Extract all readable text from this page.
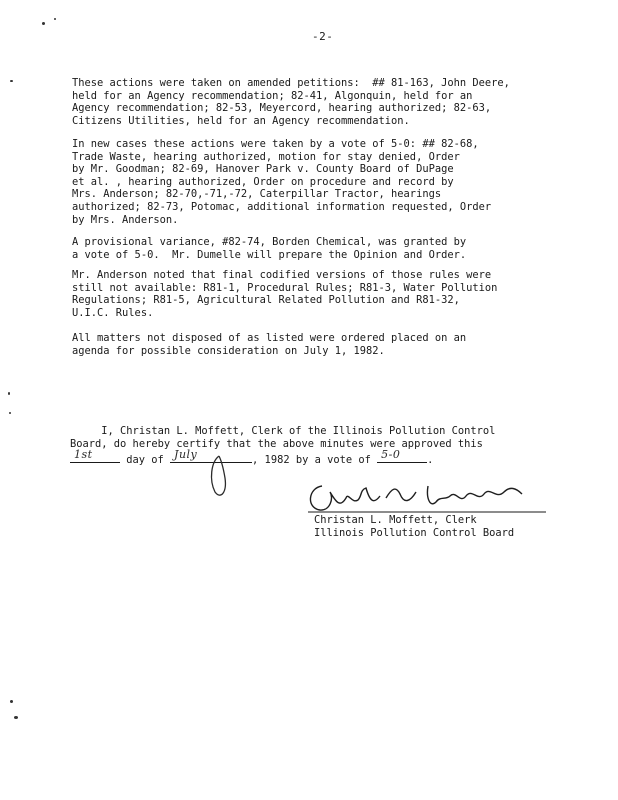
-2-

These actions were taken on amended petitions:  ## 81-163, John Deere,
held for an Agency recommendation; 82-41, Algonquin, held for an
Agency recommendation; 82-53, Meyercord, hearing authorized; 82-63,
Citizens Utilities, held for an Agency recommendation.

In new cases these actions were taken by a vote of 5-0: ## 82-68,
Trade Waste, hearing authorized, motion for stay denied, Order
by Mr. Goodman; 82-69, Hanover Park v. County Board of DuPage
et al. , hearing authorized, Order on procedure and record by
Mrs. Anderson; 82-70,-71,-72, Caterpillar Tractor, hearings
authorized; 82-73, Potomac, additional information requested, Order
by Mrs. Anderson.

A provisional variance, #82-74, Borden Chemical, was granted by
a vote of 5-0.  Mr. Dumelle will prepare the Opinion and Order.

Mr. Anderson noted that final codified versions of those rules were
still not available: R81-1, Procedural Rules; R81-3, Water Pollution
Regulations; R81-5, Agricultural Related Pollution and R81-32,
U.I.C. Rules.

All matters not disposed of as listed were ordered placed on an
agenda for possible consideration on July 1, 1982.

I, Christan L. Moffett, Clerk of the Illinois Pollution Control
Board, do hereby certify that the above minutes were approved this
1st	day of July	, 1982 by a vote of 5-0	.
Christan L. Moffett, Clerk
Illinois Pollution Control Board
